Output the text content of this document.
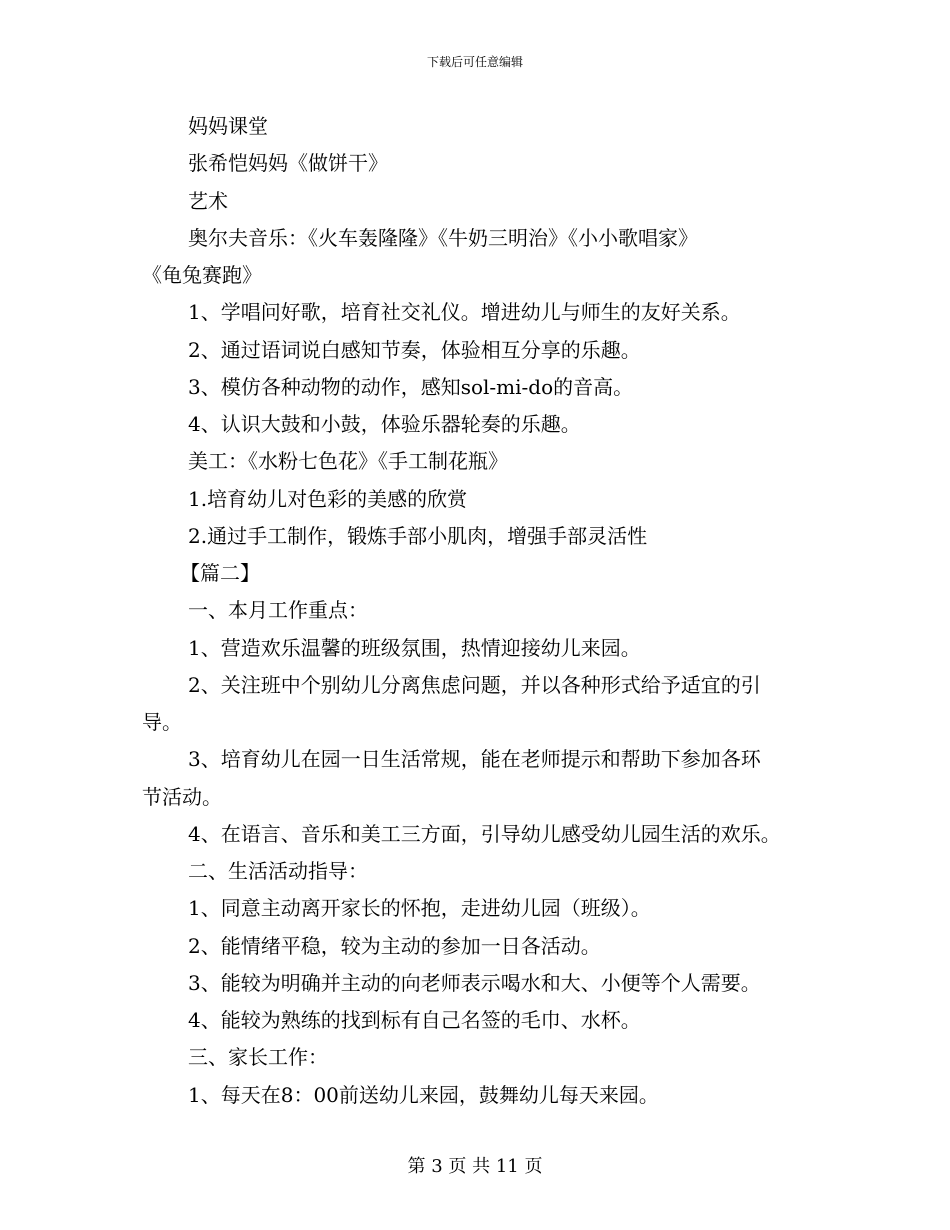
下载后可任意编辑
妈妈课堂
张希恺妈妈《做饼干》
艺术
奥尔夫音乐：《火车轰隆隆》《牛奶三明治》《小小歌唱家》
《龟兔赛跑》
1、学唱问好歌，培育社交礼仪。增进幼儿与师生的友好关系。
2、通过语词说白感知节奏，体验相互分享的乐趣。
3、模仿各种动物的动作，感知sol-mi-do的音高。
4、认识大鼓和小鼓，体验乐器轮奏的乐趣。
美工：《水粉七色花》《手工制花瓶》
1.培育幼儿对色彩的美感的欣赏
2.通过手工制作，锻炼手部小肌肉，增强手部灵活性
【篇二】
一、本月工作重点：
1、营造欢乐温馨的班级氛围，热情迎接幼儿来园。
2、关注班中个别幼儿分离焦虑问题，并以各种形式给予适宜的引
导。
3、培育幼儿在园一日生活常规，能在老师提示和帮助下参加各环
节活动。
4、在语言、音乐和美工三方面，引导幼儿感受幼儿园生活的欢乐。
二、生活活动指导：
1、同意主动离开家长的怀抱，走进幼儿园（班级）。
2、能情绪平稳，较为主动的参加一日各活动。
3、能较为明确并主动的向老师表示喝水和大、小便等个人需要。
4、能较为熟练的找到标有自己名签的毛巾、水杯。
三、家长工作：
1、每天在8：00前送幼儿来园，鼓舞幼儿每天来园。
第 3 页 共 11 页
